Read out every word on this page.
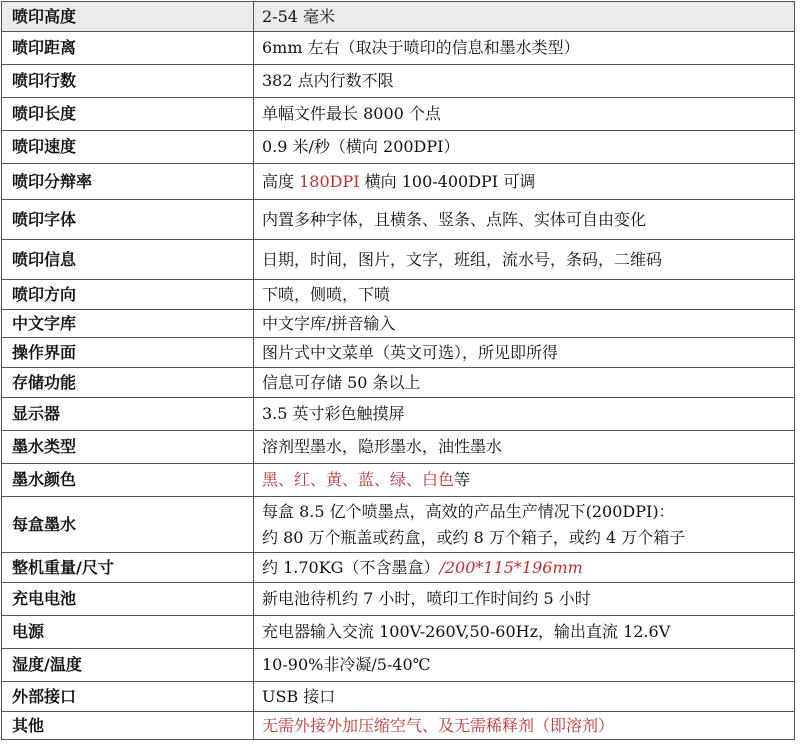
喷印高度	2-54 毫米
喷印距离	6mm 左右（取决于喷印的信息和墨水类型）
喷印行数	382 点内行数不限
喷印长度	单幅文件最长 8000 个点
喷印速度	0.9 米/秒（横向 200DPI）
喷印分辩率	高度 180DPI 横向 100-400DPI 可调
喷印字体	内置多种字体，且横条、竖条、点阵、实体可自由变化
喷印信息	日期，时间，图片，文字，班组，流水号，条码，二维码
喷印方向	下喷，侧喷，下喷
中文字库	中文字库/拼音输入
操作界面	图片式中文菜单（英文可选），所见即所得
存储功能	信息可存储 50 条以上
显示器	3.5 英寸彩色触摸屏
墨水类型	溶剂型墨水，隐形墨水，油性墨水
墨水颜色	黑、红、黄、蓝、绿、白色等
每盒墨水	每盒 8.5 亿个喷墨点，高效的产品生产情况下(200DPI)：
约 80 万个瓶盖或药盒，或约 8 万个箱子，或约 4 万个箱子
整机重量/尺寸	约 1.70KG（不含墨盒）/200*115*196mm
充电电池	新电池待机约 7 小时，喷印工作时间约 5 小时
电源	充电器输入交流 100V-260V,50-60Hz，输出直流 12.6V
湿度/温度	10-90%非冷凝/5-40℃
外部接口	USB 接口
其他	无需外接外加压缩空气、及无需稀释剂（即溶剂）
